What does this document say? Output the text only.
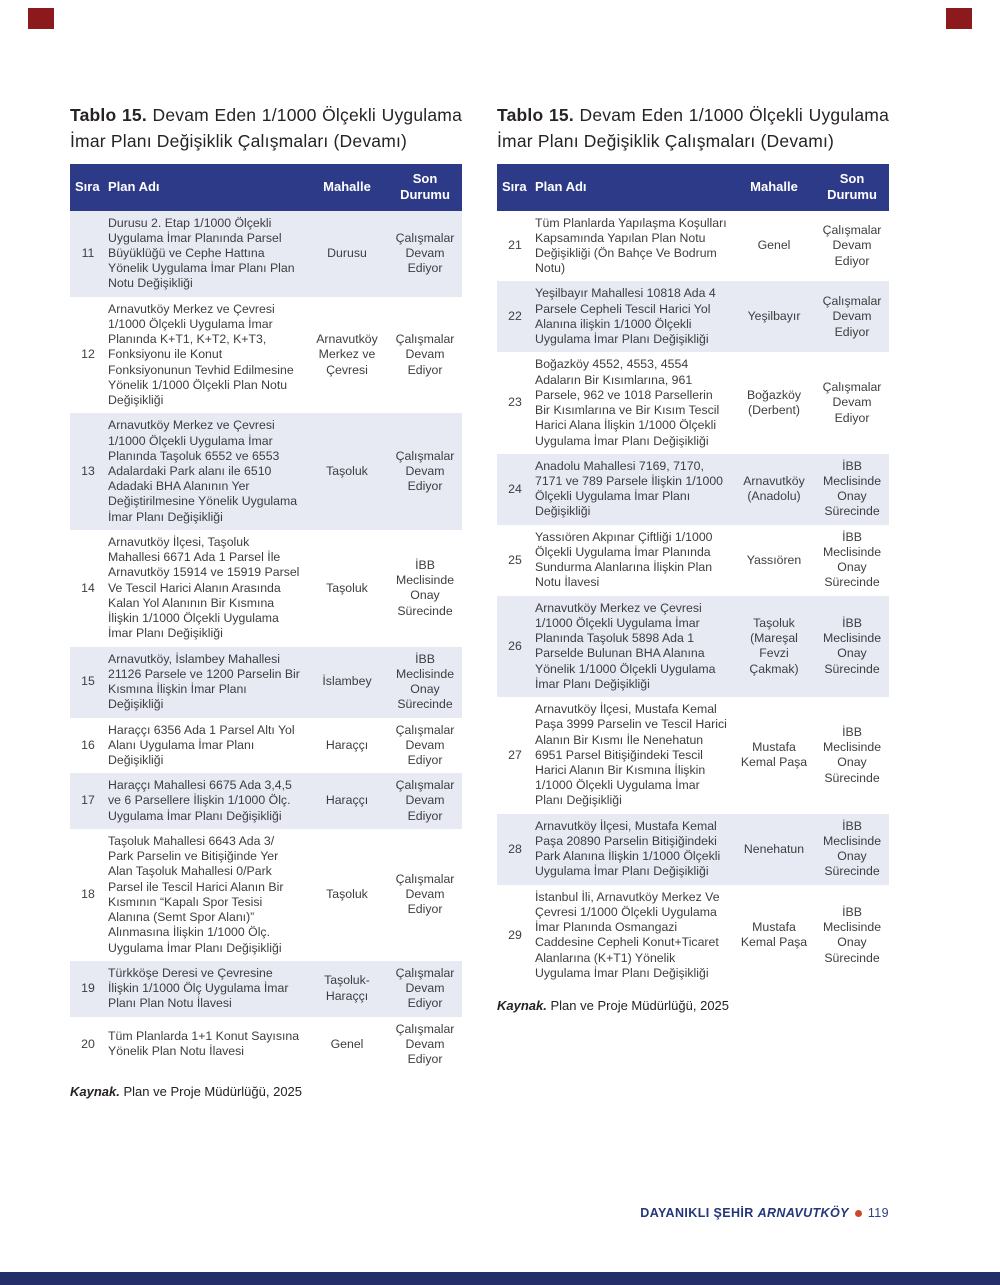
Tablo 15. Devam Eden 1/1000 Ölçekli Uygulama İmar Planı Değişiklik Çalışmaları (Devamı)

Sıra	Plan Adı	Mahalle	Son Durumu
11	Durusu 2. Etap 1/1000 Ölçekli Uygulama İmar Planında Parsel Büyüklüğü ve Cephe Hattına Yönelik Uygulama İmar Planı Plan Notu Değişikliği	Durusu	Çalışmalar Devam Ediyor
12	Arnavutköy Merkez ve Çevresi 1/1000 Ölçekli Uygulama İmar Planında K+T1, K+T2, K+T3, Fonksiyonu ile Konut Fonksiyonunun Tevhid Edilmesine Yönelik 1/1000 Ölçekli Plan Notu Değişikliği	Arnavutköy Merkez ve Çevresi	Çalışmalar Devam Ediyor
13	Arnavutköy Merkez ve Çevresi 1/1000 Ölçekli Uygulama İmar Planında Taşoluk 6552 ve 6553 Adalardaki Park alanı ile 6510 Adadaki BHA Alanının Yer Değiştirilmesine Yönelik Uygulama İmar Planı Değişikliği	Taşoluk	Çalışmalar Devam Ediyor
14	Arnavutköy İlçesi, Taşoluk Mahallesi 6671 Ada 1 Parsel İle Arnavutköy 15914 ve 15919 Parsel Ve Tescil Harici Alanın Arasında Kalan Yol Alanının Bir Kısmına İlişkin 1/1000 Ölçekli Uygulama İmar Planı Değişikliği	Taşoluk	İBB Meclisinde Onay Sürecinde
15	Arnavutköy, İslambey Mahallesi 21126 Parsele ve 1200 Parselin Bir Kısmına İlişkin İmar Planı Değişikliği	İslambey	İBB Meclisinde Onay Sürecinde
16	Haraççı 6356 Ada 1 Parsel Altı Yol Alanı Uygulama İmar Planı Değişikliği	Haraççı	Çalışmalar Devam Ediyor
17	Haraççı Mahallesi 6675 Ada 3,4,5 ve 6 Parsellere İlişkin 1/1000 Ölç. Uygulama İmar Planı Değişikliği	Haraççı	Çalışmalar Devam Ediyor
18	Taşoluk Mahallesi 6643 Ada 3/ Park Parselin ve Bitişiğinde Yer Alan Taşoluk Mahallesi 0/Park Parsel ile Tescil Harici Alanın Bir Kısmının “Kapalı Spor Tesisi Alanına (Semt Spor Alanı)” Alınmasına İlişkin 1/1000 Ölç. Uygulama İmar Planı Değişikliği	Taşoluk	Çalışmalar Devam Ediyor
19	Türkköşe Deresi ve Çevresine İlişkin 1/1000 Ölç Uygulama İmar Planı Plan Notu İlavesi	Taşoluk-Haraççı	Çalışmalar Devam Ediyor
20	Tüm Planlarda 1+1 Konut Sayısına Yönelik Plan Notu İlavesi	Genel	Çalışmalar Devam Ediyor

Kaynak. Plan ve Proje Müdürlüğü, 2025

Tablo 15. Devam Eden 1/1000 Ölçekli Uygulama İmar Planı Değişiklik Çalışmaları (Devamı)

Sıra	Plan Adı	Mahalle	Son Durumu
21	Tüm Planlarda Yapılaşma Koşulları Kapsamında Yapılan Plan Notu Değişikliği (Ön Bahçe Ve Bodrum Notu)	Genel	Çalışmalar Devam Ediyor
22	Yeşilbayır Mahallesi 10818 Ada 4 Parsele Cepheli Tescil Harici Yol Alanına ilişkin 1/1000 Ölçekli Uygulama İmar Planı Değişikliği	Yeşilbayır	Çalışmalar Devam Ediyor
23	Boğazköy 4552, 4553, 4554 Adaların Bir Kısımlarına, 961 Parsele, 962 ve 1018 Parsellerin Bir Kısımlarına ve Bir Kısım Tescil Harici Alana İlişkin 1/1000 Ölçekli Uygulama İmar Planı Değişikliği	Boğazköy (Derbent)	Çalışmalar Devam Ediyor
24	Anadolu Mahallesi 7169, 7170, 7171 ve 789 Parsele İlişkin 1/1000 Ölçekli Uygulama İmar Planı Değişikliği	Arnavutköy (Anadolu)	İBB Meclisinde Onay Sürecinde
25	Yassıören Akpınar Çiftliği 1/1000 Ölçekli Uygulama İmar Planında Sundurma Alanlarına İlişkin Plan Notu İlavesi	Yassıören	İBB Meclisinde Onay Sürecinde
26	Arnavutköy Merkez ve Çevresi 1/1000 Ölçekli Uygulama İmar Planında Taşoluk 5898 Ada 1 Parselde Bulunan BHA Alanına Yönelik 1/1000 Ölçekli Uygulama İmar Planı Değişikliği	Taşoluk (Mareşal Fevzi Çakmak)	İBB Meclisinde Onay Sürecinde
27	Arnavutköy İlçesi, Mustafa Kemal Paşa 3999 Parselin ve Tescil Harici Alanın Bir Kısmı İle Nenehatun 6951 Parsel Bitişiğindeki Tescil Harici Alanın Bir Kısmına İlişkin 1/1000 Ölçekli Uygulama İmar Planı Değişikliği	Mustafa Kemal Paşa	İBB Meclisinde Onay Sürecinde
28	Arnavutköy İlçesi, Mustafa Kemal Paşa 20890 Parselin Bitişiğindeki Park Alanına İlişkin 1/1000 Ölçekli Uygulama İmar Planı Değişikliği	Nenehatun	İBB Meclisinde Onay Sürecinde
29	İstanbul İli, Arnavutköy Merkez Ve Çevresi 1/1000 Ölçekli Uygulama İmar Planında Osmangazi Caddesine Cepheli Konut+Ticaret Alanlarına (K+T1) Yönelik Uygulama İmar Planı Değişikliği	Mustafa Kemal Paşa	İBB Meclisinde Onay Sürecinde

Kaynak. Plan ve Proje Müdürlüğü, 2025

DAYANIKLI ŞEHİR ARNAVUTKÖY 119
